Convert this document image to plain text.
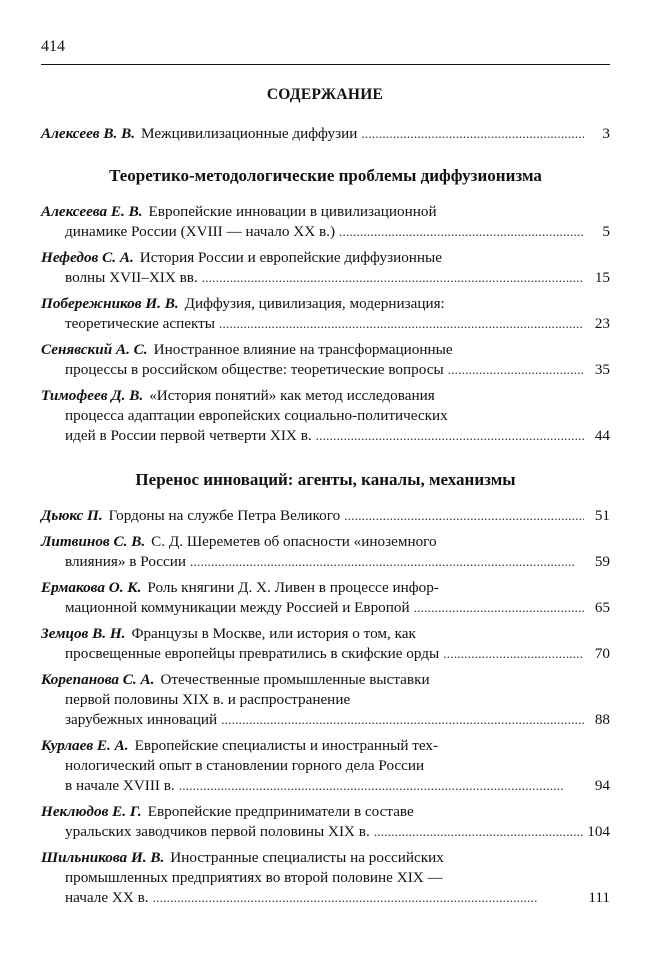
414
СОДЕРЖАНИЕ
Алексеев В. В. Межцивилизационные диффузии . . .	3
Теоретико-методологические проблемы диффузионизма
Алексеева Е. В. Европейские инновации в цивилизационной
динамике России (XVIII — начало XX в.) . . .	5
Нефедов С. А. История России и европейские диффузионные
волны XVII–XIX вв. . . .	15
Побережников И. В. Диффузия, цивилизация, модернизация:
теоретические аспекты . . .	23
Сенявский А. С. Иностранное влияние на трансформационные
процессы в российском обществе: теоретические вопросы . . .	35
Тимофеев Д. В. «История понятий» как метод исследования
процесса адаптации европейских социально-политических
идей в России первой четверти XIX в. . . .	44
Перенос инноваций: агенты, каналы, механизмы
Дьюкс П. Гордоны на службе Петра Великого . . .	51
Литвинов С. В. С. Д. Шереметев об опасности «иноземного
влияния» в России . . .	59
Ермакова О. К. Роль княгини Д. Х. Ливен в процессе инфор-
мационной коммуникации между Россией и Европой . . .	65
Земцов В. Н. Французы в Москве, или история о том, как
просвещенные европейцы превратились в скифские орды . . .	70
Корепанова С. А. Отечественные промышленные выставки
первой половины XIX в. и распространение
зарубежных инноваций . . .	88
Курлаев Е. А. Европейские специалисты и иностранный тех-
нологический опыт в становлении горного дела России
в начале XVIII в. . . .	94
Неклюдов Е. Г. Европейские предприниматели в составе
уральских заводчиков первой половины XIX в. . . .	104
Шильникова И. В. Иностранные специалисты на российских
промышленных предприятиях во второй половине XIX —
начале XX в. . . .	111
